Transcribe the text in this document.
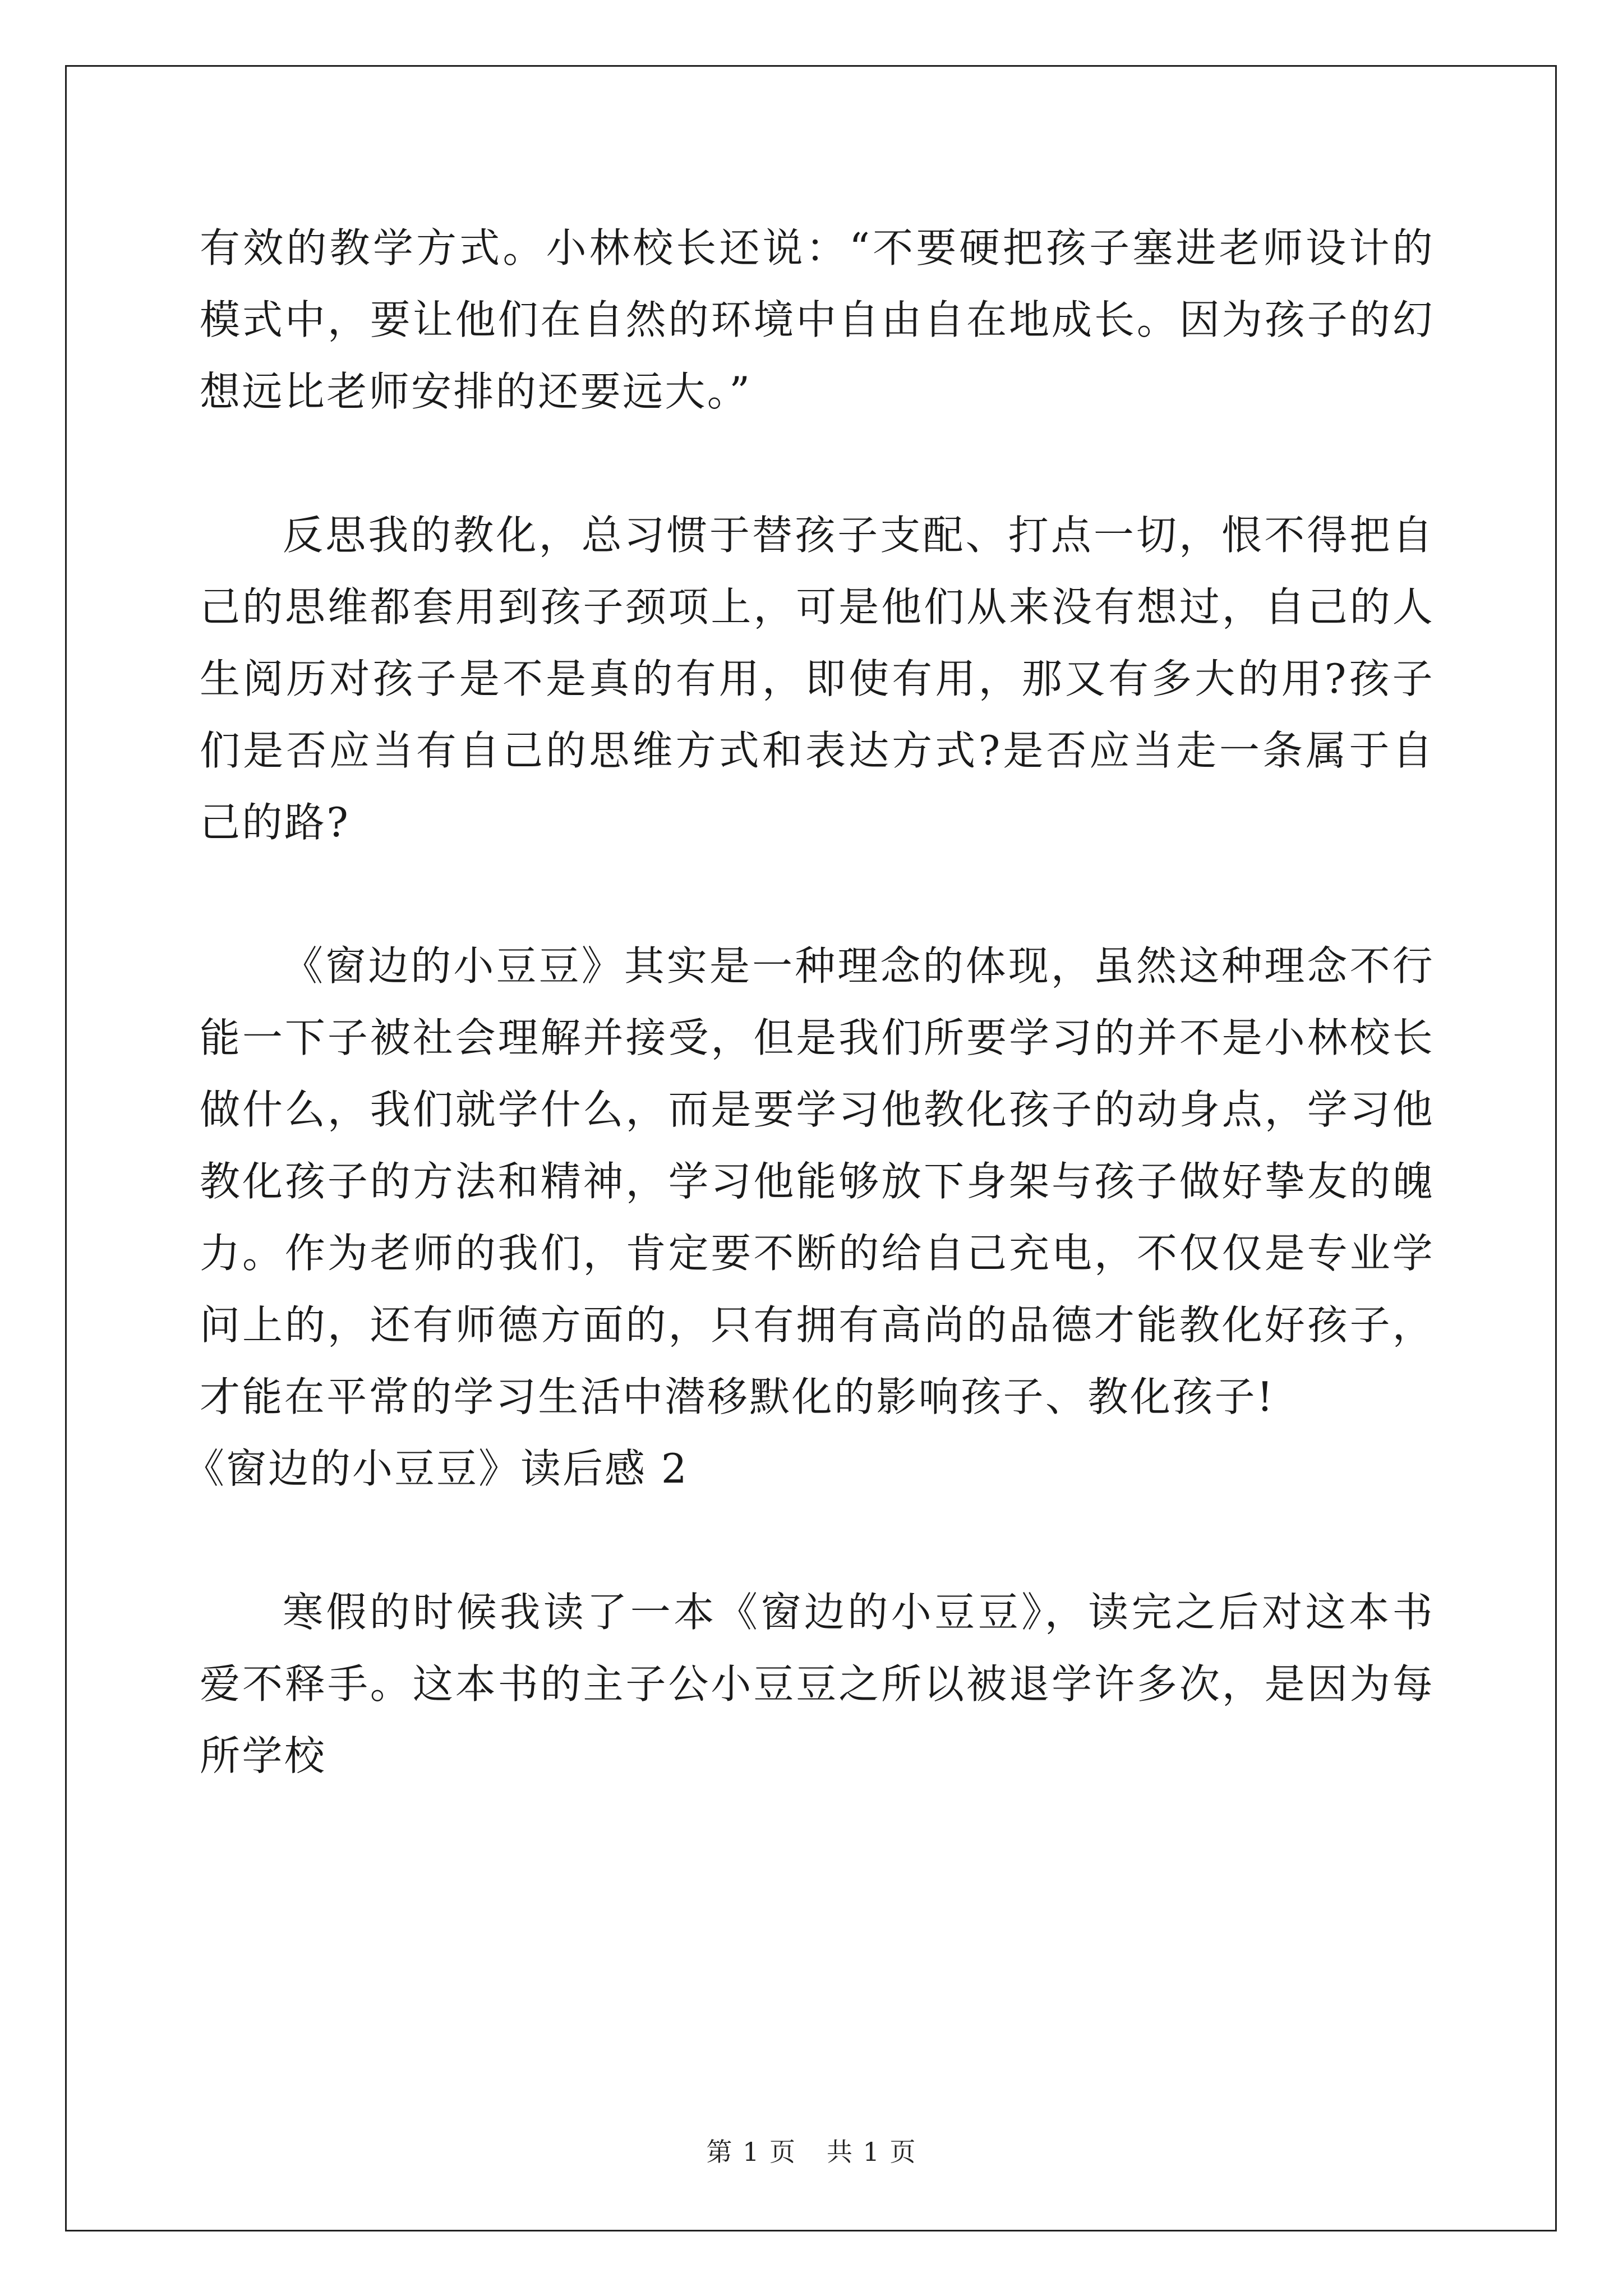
有效的教学方式。小林校长还说：“不要硬把孩子塞进老师设计的模式中，要让他们在自然的环境中自由自在地成长。因为孩子的幻想远比老师安排的还要远大。”

反思我的教化，总习惯于替孩子支配、打点一切，恨不得把自己的思维都套用到孩子颈项上，可是他们从来没有想过，自己的人生阅历对孩子是不是真的有用，即使有用，那又有多大的用?孩子们是否应当有自己的思维方式和表达方式?是否应当走一条属于自己的路?

《窗边的小豆豆》其实是一种理念的体现，虽然这种理念不行能一下子被社会理解并接受，但是我们所要学习的并不是小林校长做什么，我们就学什么，而是要学习他教化孩子的动身点，学习他教化孩子的方法和精神，学习他能够放下身架与孩子做好挚友的魄力。作为老师的我们，肯定要不断的给自己充电，不仅仅是专业学问上的，还有师德方面的，只有拥有高尚的品德才能教化好孩子，才能在平常的学习生活中潜移默化的影响孩子、教化孩子!

《窗边的小豆豆》读后感 2

寒假的时候我读了一本《窗边的小豆豆》，读完之后对这本书爱不释手。这本书的主子公小豆豆之所以被退学许多次，是因为每所学校

第 1 页 共 1 页
